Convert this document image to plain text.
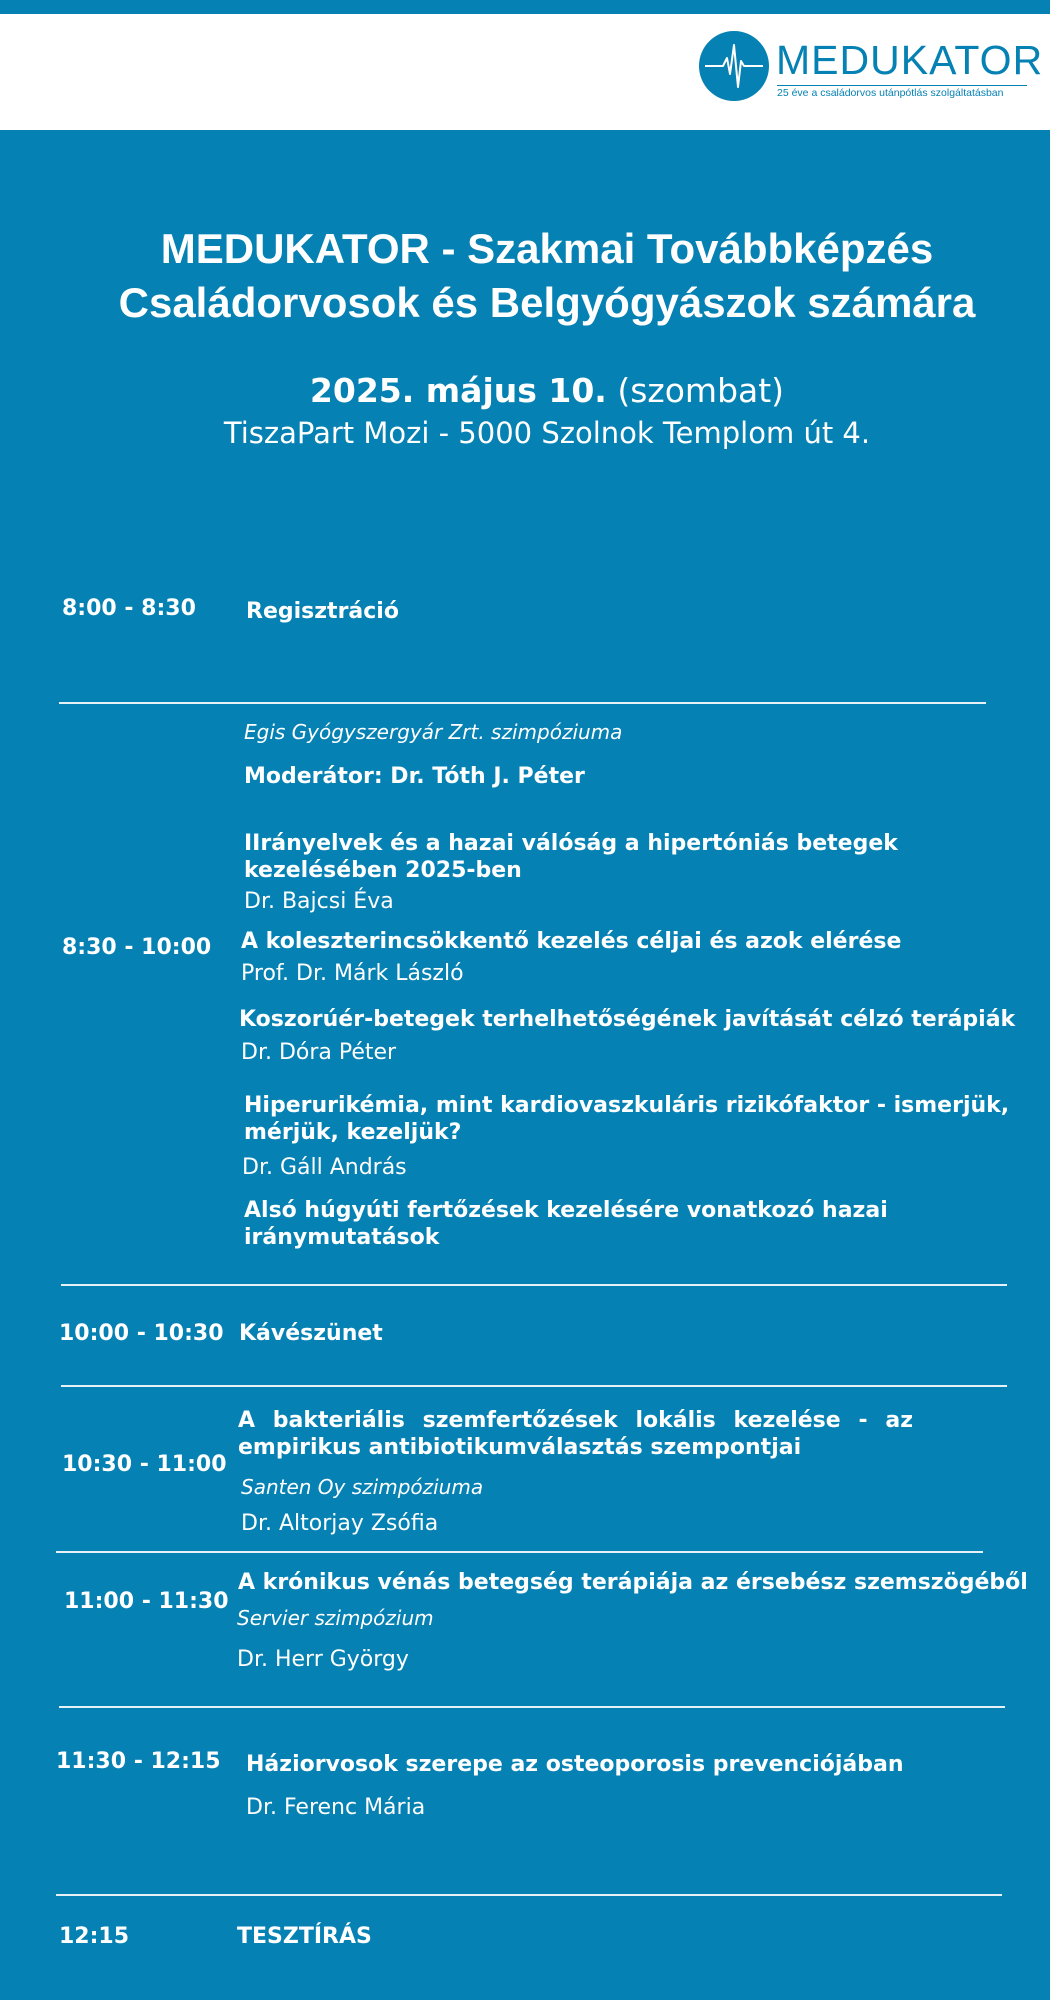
MEDUKATOR
25 éve a családorvos utánpótlás szolgáltatásban
MEDUKATOR - Szakmai Továbbképzés
Családorvosok és Belgyógyászok számára
2025. május 10. (szombat)
TiszaPart Mozi - 5000 Szolnok Templom út 4.
8:00 - 8:30 Regisztráció
8:30 - 10:00
Egis Gyógyszergyár Zrt. szimpóziuma
Moderátor: Dr. Tóth J. Péter
IIrányelvek és a hazai válóság a hipertóniás betegek
kezelésében 2025-ben
Dr. Bajcsi Éva
A koleszterincsökkentő kezelés céljai és azok elérése
Prof. Dr. Márk László
Koszorúér-betegek terhelhetőségének javítását célzó terápiák
Dr. Dóra Péter
Hiperurikémia, mint kardiovaszkuláris rizikófaktor - ismerjük,
mérjük, kezeljük?
Dr. Gáll András
Alsó húgyúti fertőzések kezelésére vonatkozó hazai
iránymutatások
10:00 - 10:30 Kávészünet
10:30 - 11:00
A bakteriális szemfertőzések lokális kezelése - az empirikus antibiotikumválasztás szempontjai
Santen Oy szimpóziuma
Dr. Altorjay Zsófia
11:00 - 11:30
A krónikus vénás betegség terápiája az érsebész szemszögéből
Servier szimpózium
Dr. Herr György
11:30 - 12:15 Háziorvosok szerepe az osteoporosis prevenciójában
Dr. Ferenc Mária
12:15	TESZTÍRÁS
